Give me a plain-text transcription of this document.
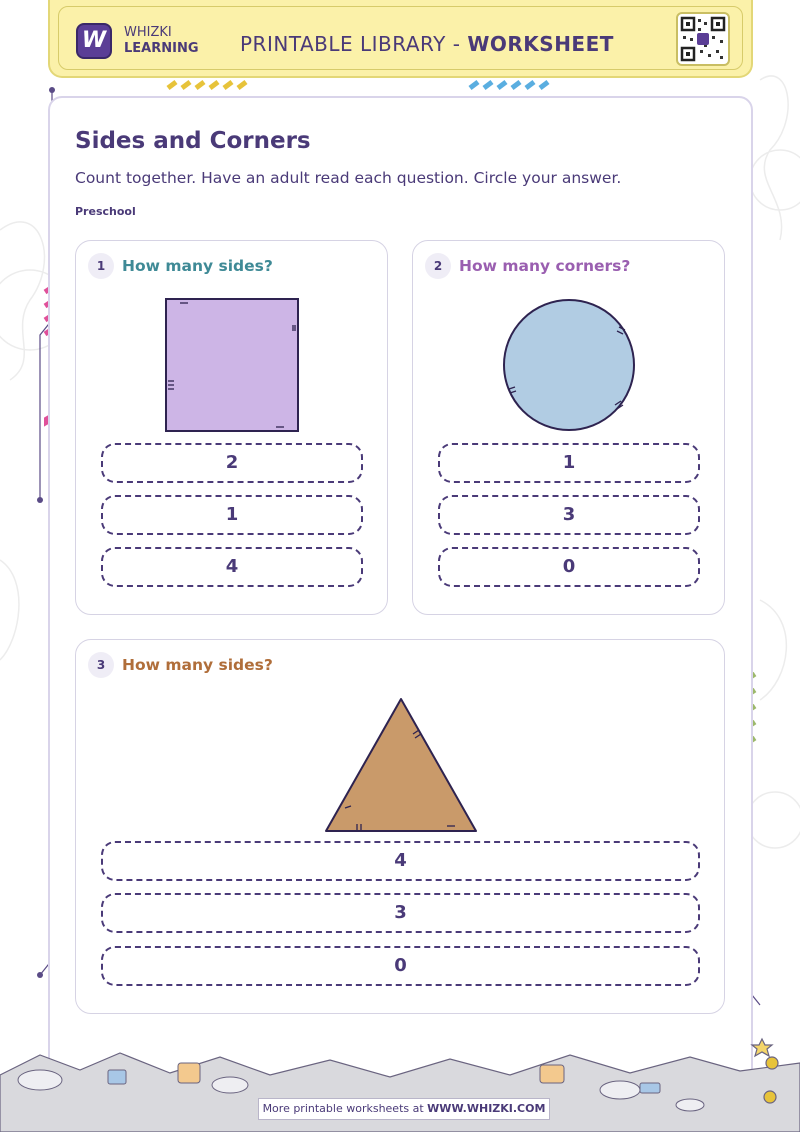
W	WHIZKI
LEARNING PRINTABLE LIBRARY - WORKSHEET
Sides and Corners
Count together. Have an adult read each question. Circle your answer.
Preschool
1	How many sides?
2
1
4
2	How many corners?
1
3
0
3	How many sides?
4
3
0
More printable worksheets at WWW.WHIZKI.COM
